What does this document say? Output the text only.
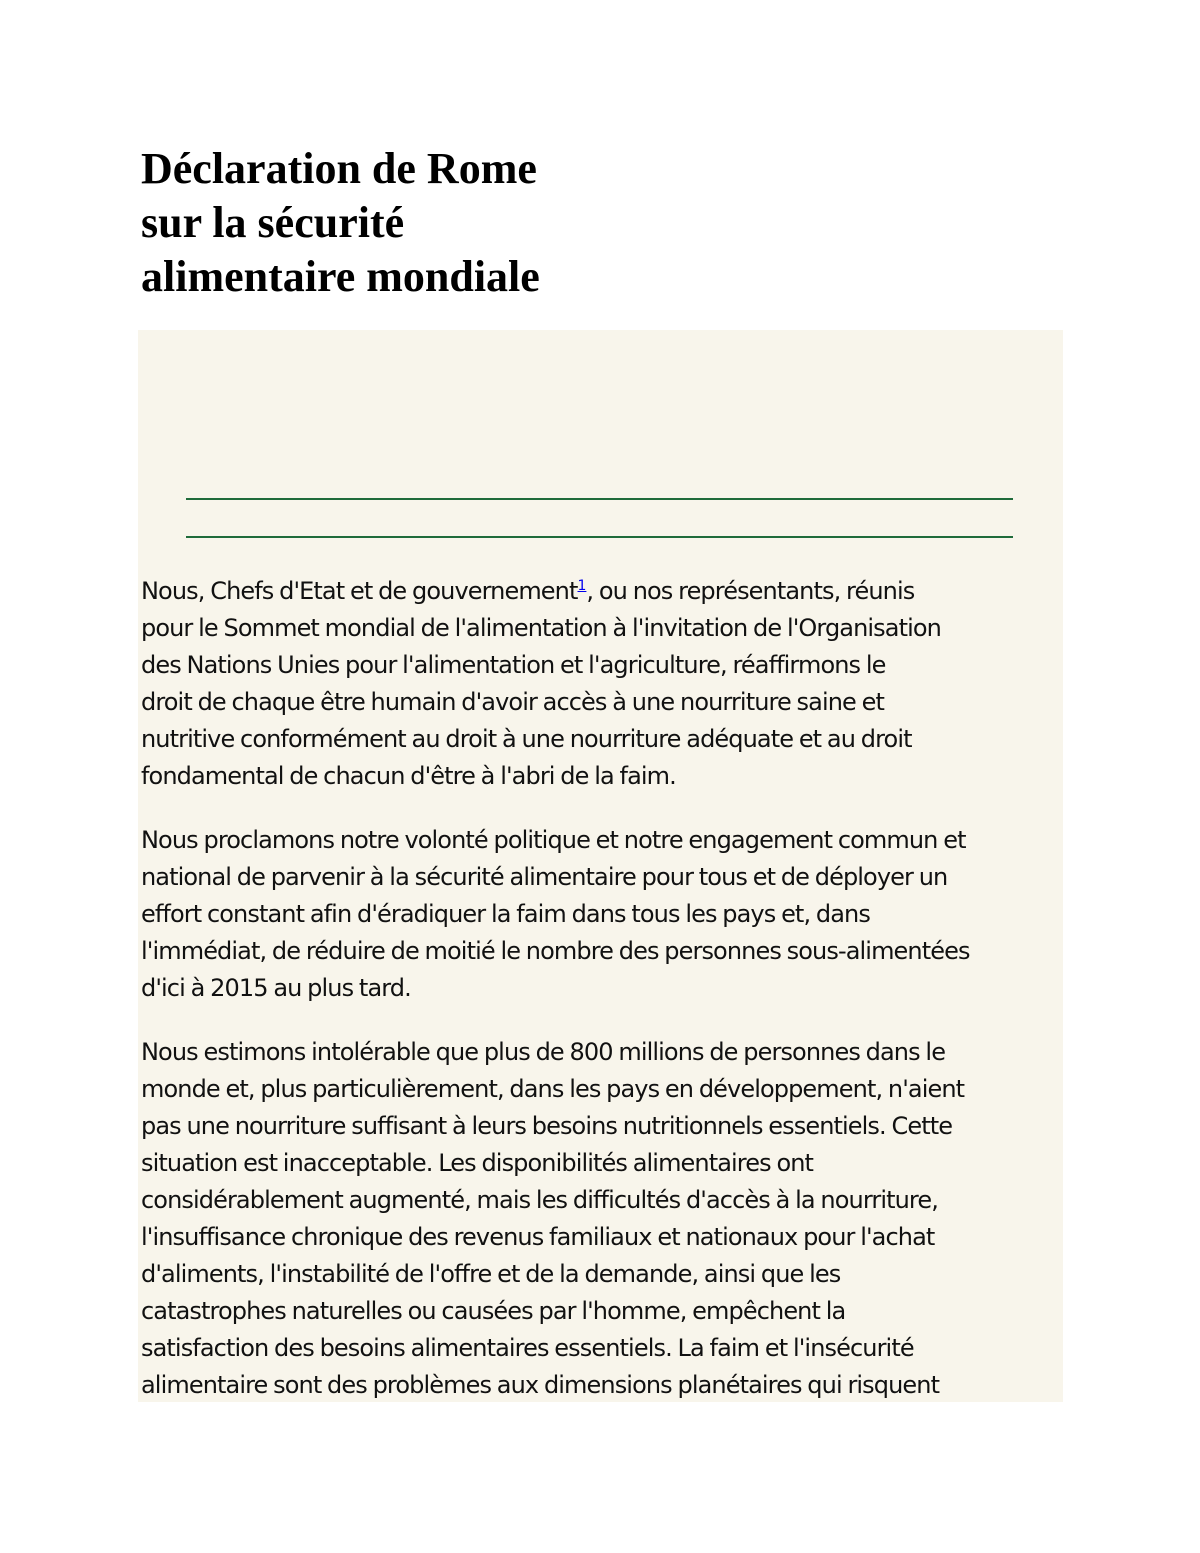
Déclaration de Rome
sur la sécurité
alimentaire mondiale

Nous, Chefs d'Etat et de gouvernement$^1$, ou nos représentants, réunis
pour le Sommet mondial de l'alimentation à l'invitation de l'Organisation
des Nations Unies pour l'alimentation et l'agriculture, réaffirmons le
droit de chaque être humain d'avoir accès à une nourriture saine et
nutritive conformément au droit à une nourriture adéquate et au droit
fondamental de chacun d'être à l'abri de la faim.

Nous proclamons notre volonté politique et notre engagement commun et
national de parvenir à la sécurité alimentaire pour tous et de déployer un
effort constant afin d'éradiquer la faim dans tous les pays et, dans
l'immédiat, de réduire de moitié le nombre des personnes sous-alimentées
d'ici à 2015 au plus tard.

Nous estimons intolérable que plus de 800 millions de personnes dans le
monde et, plus particulièrement, dans les pays en développement, n'aient
pas une nourriture suffisant à leurs besoins nutritionnels essentiels. Cette
situation est inacceptable. Les disponibilités alimentaires ont
considérablement augmenté, mais les difficultés d'accès à la nourriture,
l'insuffisance chronique des revenus familiaux et nationaux pour l'achat
d'aliments, l'instabilité de l'offre et de la demande, ainsi que les
catastrophes naturelles ou causées par l'homme, empêchent la
satisfaction des besoins alimentaires essentiels. La faim et l'insécurité
alimentaire sont des problèmes aux dimensions planétaires qui risquent
